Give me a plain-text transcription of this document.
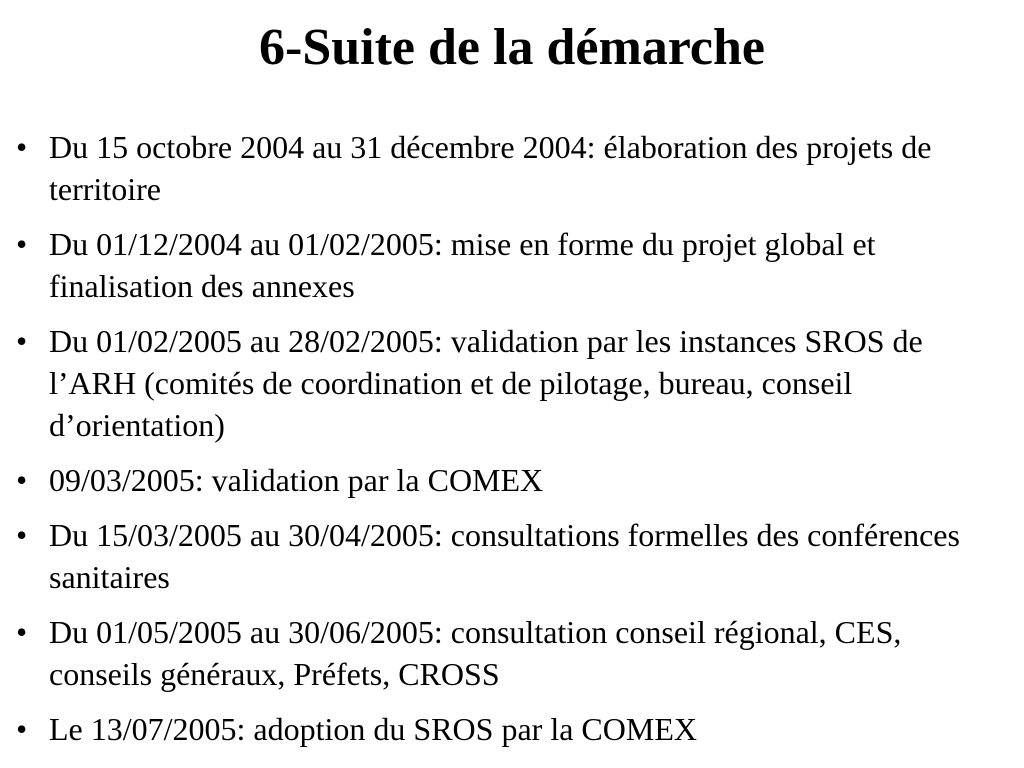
6-Suite de la démarche
• Du 15 octobre 2004 au 31 décembre 2004: élaboration des projets de territoire
• Du 01/12/2004 au 01/02/2005: mise en forme du projet global et finalisation des annexes
• Du 01/02/2005 au 28/02/2005: validation par les instances SROS de l’ARH (comités de coordination et de pilotage, bureau, conseil d’orientation)
• 09/03/2005: validation par la COMEX
• Du 15/03/2005 au 30/04/2005: consultations formelles des conférences sanitaires
• Du 01/05/2005 au 30/06/2005: consultation conseil régional, CES, conseils généraux, Préfets, CROSS
• Le 13/07/2005: adoption du SROS par la COMEX
